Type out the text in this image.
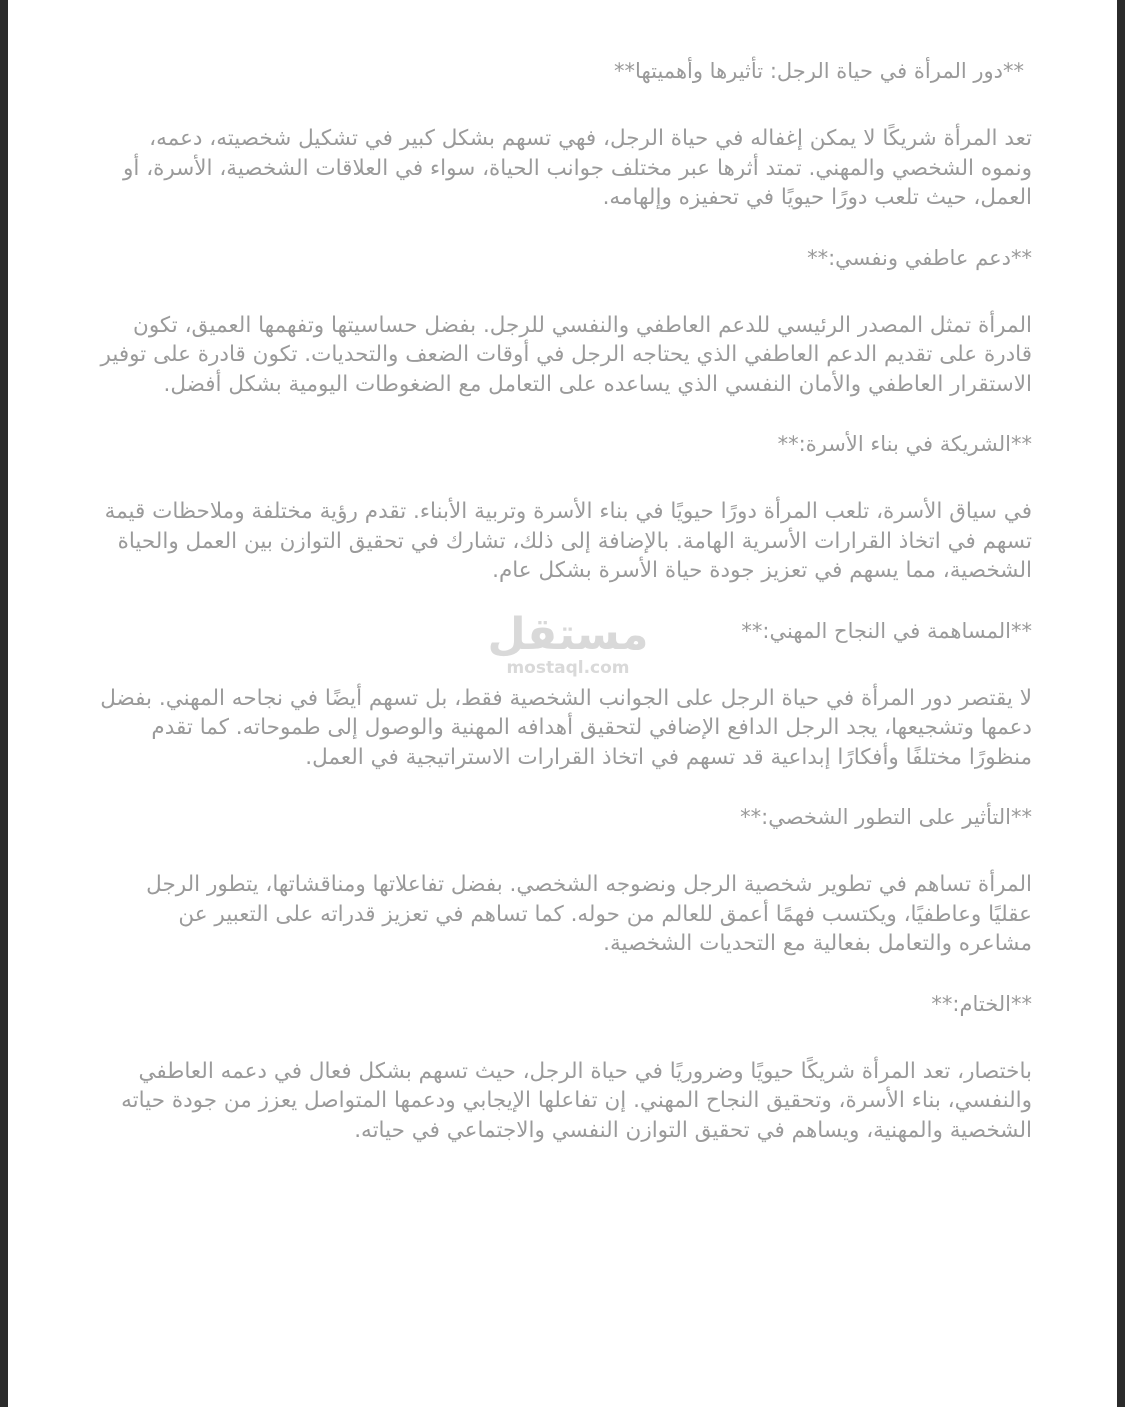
**دور المرأة في حياة الرجل: تأثيرها وأهميتها**

تعد المرأة شريكًا لا يمكن إغفاله في حياة الرجل، فهي تسهم بشكل كبير في تشكيل شخصيته، دعمه، ونموه الشخصي والمهني. تمتد أثرها عبر مختلف جوانب الحياة، سواء في العلاقات الشخصية، الأسرة، أو العمل، حيث تلعب دورًا حيويًا في تحفيزه وإلهامه.

**دعم عاطفي ونفسي:**

المرأة تمثل المصدر الرئيسي للدعم العاطفي والنفسي للرجل. بفضل حساسيتها وتفهمها العميق، تكون قادرة على تقديم الدعم العاطفي الذي يحتاجه الرجل في أوقات الضعف والتحديات. تكون قادرة على توفير الاستقرار العاطفي والأمان النفسي الذي يساعده على التعامل مع الضغوطات اليومية بشكل أفضل.

**الشريكة في بناء الأسرة:**

في سياق الأسرة، تلعب المرأة دورًا حيويًا في بناء الأسرة وتربية الأبناء. تقدم رؤية مختلفة وملاحظات قيمة تسهم في اتخاذ القرارات الأسرية الهامة. بالإضافة إلى ذلك، تشارك في تحقيق التوازن بين العمل والحياة الشخصية، مما يسهم في تعزيز جودة حياة الأسرة بشكل عام.

**المساهمة في النجاح المهني:**

لا يقتصر دور المرأة في حياة الرجل على الجوانب الشخصية فقط، بل تسهم أيضًا في نجاحه المهني. بفضل دعمها وتشجيعها، يجد الرجل الدافع الإضافي لتحقيق أهدافه المهنية والوصول إلى طموحاته. كما تقدم منظورًا مختلفًا وأفكارًا إبداعية قد تسهم في اتخاذ القرارات الاستراتيجية في العمل.

**التأثير على التطور الشخصي:**

المرأة تساهم في تطوير شخصية الرجل ونضوجه الشخصي. بفضل تفاعلاتها ومناقشاتها، يتطور الرجل عقليًا وعاطفيًا، ويكتسب فهمًا أعمق للعالم من حوله. كما تساهم في تعزيز قدراته على التعبير عن مشاعره والتعامل بفعالية مع التحديات الشخصية.

**الختام:**

باختصار، تعد المرأة شريكًا حيويًا وضروريًا في حياة الرجل، حيث تسهم بشكل فعال في دعمه العاطفي والنفسي، بناء الأسرة، وتحقيق النجاح المهني. إن تفاعلها الإيجابي ودعمها المتواصل يعزز من جودة حياته الشخصية والمهنية، ويساهم في تحقيق التوازن النفسي والاجتماعي في حياته.

مستقل
mostaql.com
